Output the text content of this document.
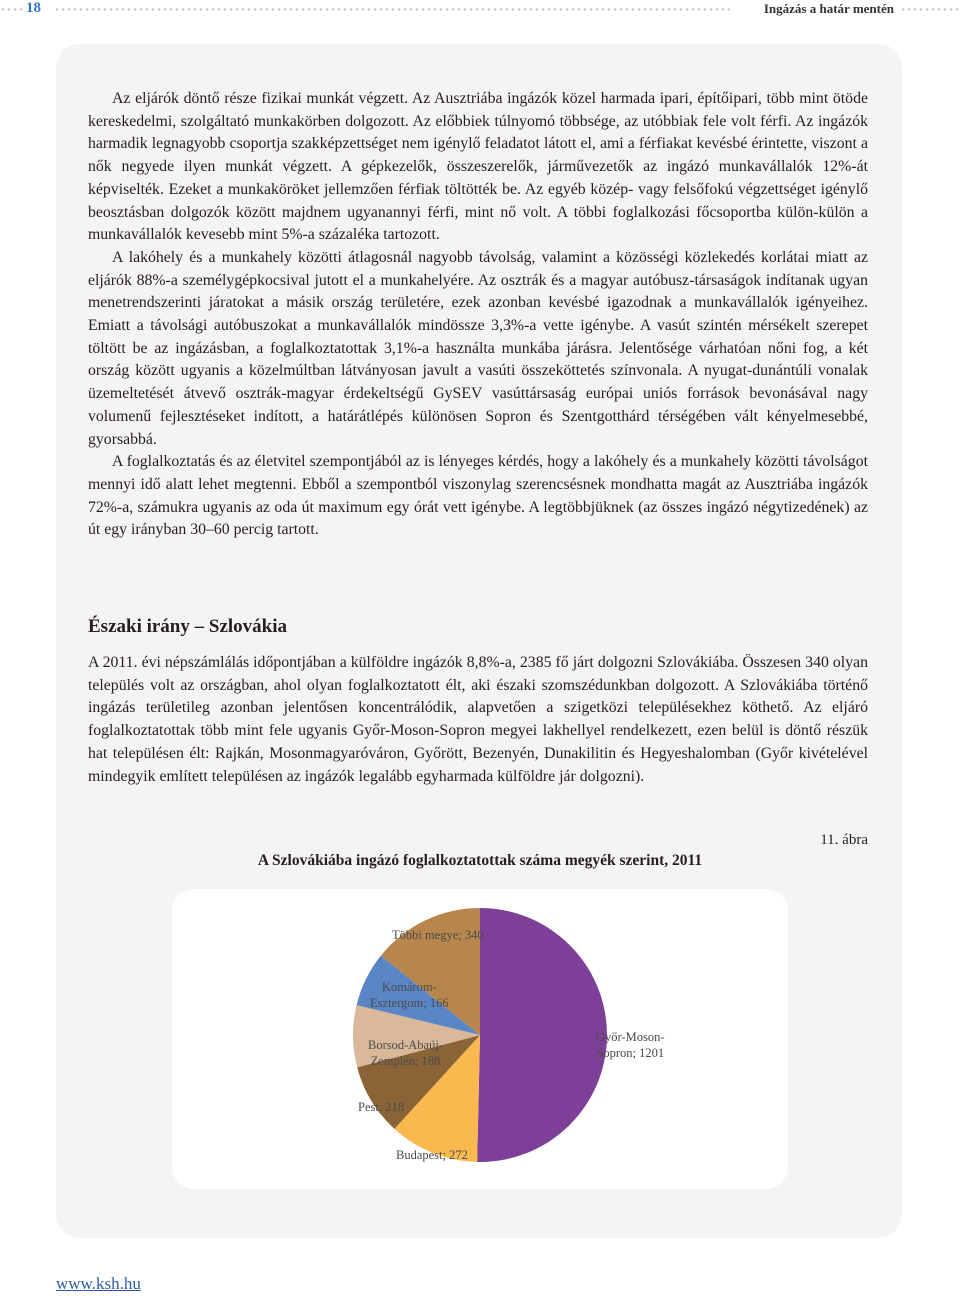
18	Ingázás a határ mentén

Az eljárók döntő része fizikai munkát végzett. Az Ausztriába ingázók közel harmada ipari, építőipari, több mint ötöde kereskedelmi, szolgáltató munkakörben dolgozott. Az előbbiek túlnyomó többsége, az utóbbiak fele volt férfi. Az ingázók harmadik legnagyobb csoportja szakképzettséget nem igénylő feladatot látott el, ami a férfiakat kevésbé érintette, viszont a nők negyede ilyen munkát végzett. A gépkezelők, összeszerelők, járművezetők az ingázó munkavállalók 12%-át képviselték. Ezeket a munkaköröket jellemzően férfiak töltötték be. Az egyéb közép- vagy felsőfokú végzettséget igénylő beosztásban dolgozók között majdnem ugyanannyi férfi, mint nő volt. A többi foglalkozási főcsoportba külön-külön a munkavállalók kevesebb mint 5%-a százaléka tartozott.

A lakóhely és a munkahely közötti átlagosnál nagyobb távolság, valamint a közösségi közlekedés korlátai miatt az eljárók 88%-a személygépkocsival jutott el a munkahelyére. Az osztrák és a magyar autóbusz-társaságok indítanak ugyan menetrendszerinti járatokat a másik ország területére, ezek azonban kevésbé igazodnak a munkavállalók igényeihez. Emiatt a távolsági autóbuszokat a munkavállalók mindössze 3,3%-a vette igénybe. A vasút szintén mérsékelt szerepet töltött be az ingázásban, a foglalkoztatottak 3,1%-a használta munkába járásra. Jelentősége várhatóan nőni fog, a két ország között ugyanis a közelmúltban látványosan javult a vasúti összeköttetés színvonala. A nyugat-dunántúli vonalak üzemeltetését átvevő osztrák-magyar érdekeltségű GySEV vasúttársaság európai uniós források bevonásával nagy volumenű fejlesztéseket indított, a határátlépés különösen Sopron és Szentgotthárd térségében vált kényelmesebbé, gyorsabbá.

A foglalkoztatás és az életvitel szempontjából az is lényeges kérdés, hogy a lakóhely és a munkahely közötti távolságot mennyi idő alatt lehet megtenni. Ebből a szempontból viszonylag szerencsésnek mondhatta magát az Ausztriába ingázók 72%-a, számukra ugyanis az oda út maximum egy órát vett igénybe. A legtöbbjüknek (az összes ingázó négytizedének) az út egy irányban 30–60 percig tartott.

Északi irány – Szlovákia

A 2011. évi népszámlálás időpontjában a külföldre ingázók 8,8%-a, 2385 fő járt dolgozni Szlovákiába. Összesen 340 olyan település volt az országban, ahol olyan foglalkoztatott élt, aki északi szomszédunkban dolgozott. A Szlovákiába történő ingázás területileg azonban jelentősen koncentrálódik, alapvetően a szigetközi településekhez köthető. Az eljáró foglalkoztatottak több mint fele ugyanis Győr-Moson-Sopron megyei lakhellyel rendelkezett, ezen belül is döntő részük hat településen élt: Rajkán, Mosonmagyaróváron, Győrött, Bezenyén, Dunakilitin és Hegyeshalomban (Győr kivételével mindegyik említett településen az ingázók legalább egyharmada külföldre jár dolgozni).

11. ábra
A Szlovákiába ingázó foglalkoztatottak száma megyék szerint, 2011
Győr-Moson-
Sopron; 1201
Budapest; 272
Pest; 218
Borsod-Abaúj-
Zemplén; 188
Komárom-
Esztergom; 166
Többi megye; 340
www.ksh.hu
